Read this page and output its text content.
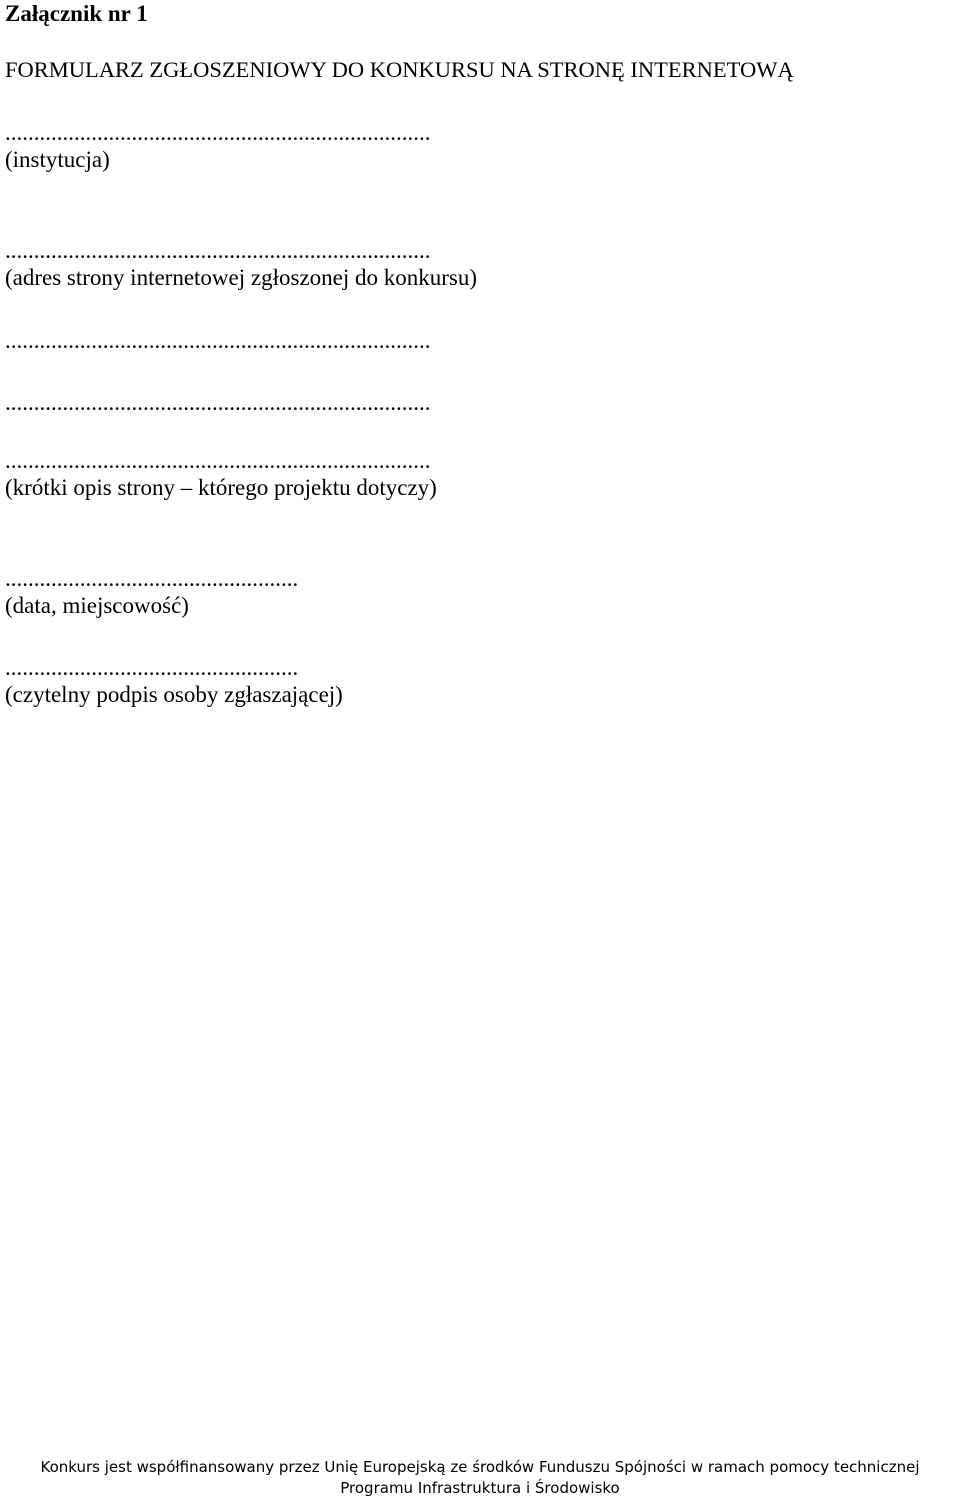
Załącznik nr 1
FORMULARZ ZGŁOSZENIOWY DO KONKURSU NA STRONĘ INTERNETOWĄ
..........................................................................
(instytucja)
..........................................................................
(adres strony internetowej zgłoszonej do konkursu)
..........................................................................
..........................................................................
..........................................................................
(krótki opis strony – którego projektu dotyczy)
...................................................
(data, miejscowość)
...................................................
(czytelny podpis osoby zgłaszającej)
Konkurs jest współfinansowany przez Unię Europejską ze środków Funduszu Spójności w ramach pomocy technicznej
Programu Infrastruktura i Środowisko
